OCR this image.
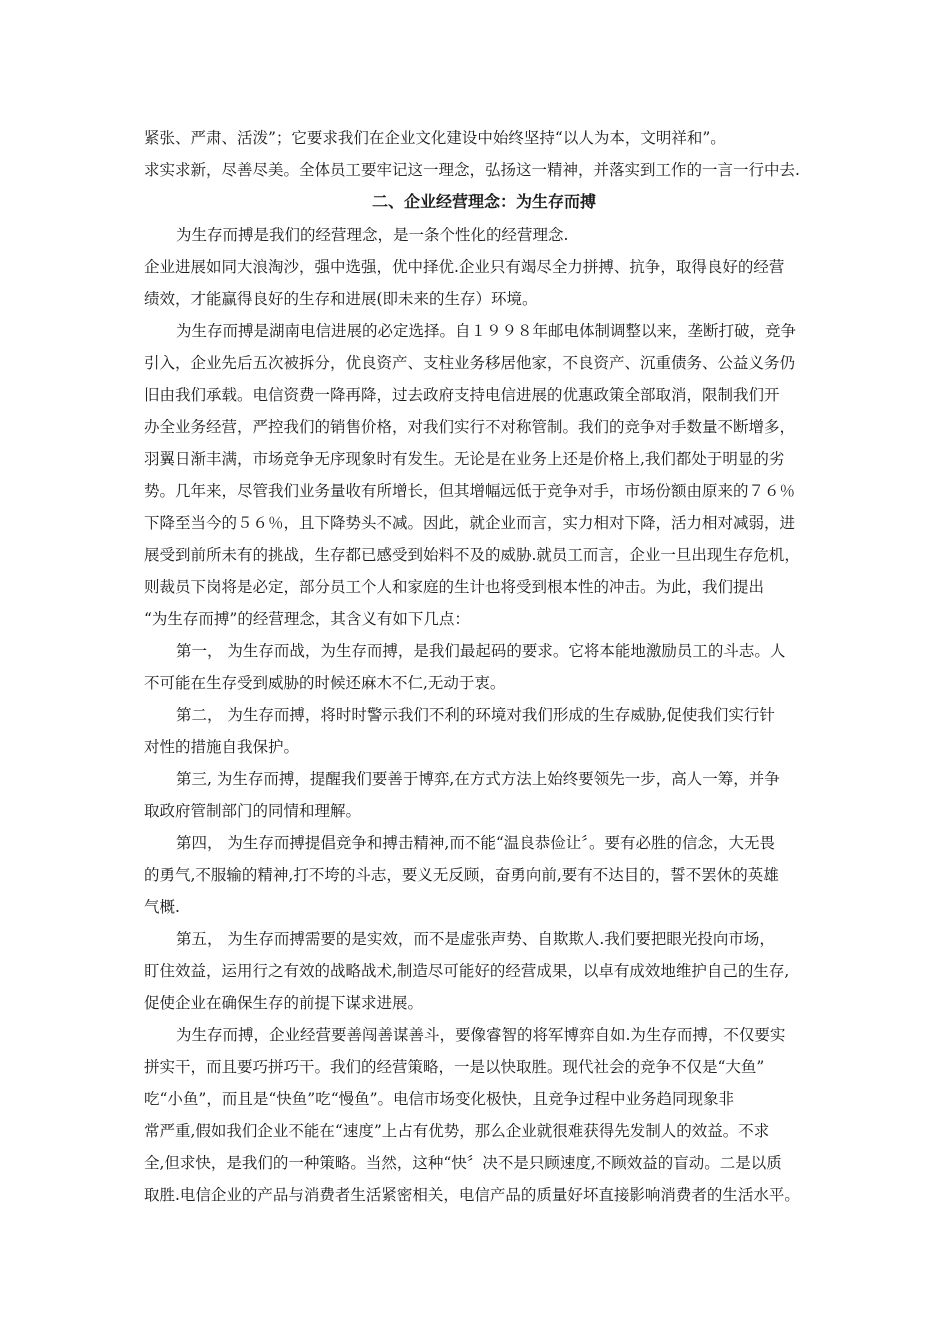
紧张、严肃、活泼”；它要求我们在企业文化建设中始终坚持“以人为本，文明祥和”。
求实求新，尽善尽美。全体员工要牢记这一理念，弘扬这一精神，并落实到工作的一言一行中去.
二、企业经营理念：为生存而搏
为生存而搏是我们的经营理念，是一条个性化的经营理念.
企业进展如同大浪淘沙，强中选强，优中择优.企业只有竭尽全力拼搏、抗争，取得良好的经营
绩效，才能赢得良好的生存和进展(即未来的生存）环境。
为生存而搏是湖南电信进展的必定选择。自１９９８年邮电体制调整以来，垄断打破，竞争
引入，企业先后五次被拆分，优良资产、支柱业务移居他家，不良资产、沉重债务、公益义务仍
旧由我们承载。电信资费一降再降，过去政府支持电信进展的优惠政策全部取消，限制我们开
办全业务经营，严控我们的销售价格，对我们实行不对称管制。我们的竞争对手数量不断增多，
羽翼日渐丰满，市场竞争无序现象时有发生。无论是在业务上还是价格上,我们都处于明显的劣
势。几年来，尽管我们业务量收有所增长，但其增幅远低于竞争对手，市场份额由原来的７６％
下降至当今的５６％，且下降势头不减。因此，就企业而言，实力相对下降，活力相对减弱，进
展受到前所未有的挑战，生存都已感受到始料不及的威胁.就员工而言，企业一旦出现生存危机，
则裁员下岗将是必定，部分员工个人和家庭的生计也将受到根本性的冲击。为此，我们提出
“为生存而搏”的经营理念，其含义有如下几点：
第一， 为生存而战，为生存而搏，是我们最起码的要求。它将本能地激励员工的斗志。人
不可能在生存受到威胁的时候还麻木不仁,无动于衷。
第二， 为生存而搏，将时时警示我们不利的环境对我们形成的生存威胁,促使我们实行针
对性的措施自我保护。
第三, 为生存而搏，提醒我们要善于博弈,在方式方法上始终要领先一步，高人一筹，并争
取政府管制部门的同情和理解。
第四， 为生存而搏提倡竞争和搏击精神,而不能“温良恭俭让〞。要有必胜的信念，大无畏
的勇气,不服输的精神,打不垮的斗志，要义无反顾，奋勇向前,要有不达目的，誓不罢休的英雄
气概.
第五， 为生存而搏需要的是实效，而不是虚张声势、自欺欺人.我们要把眼光投向市场，
盯住效益，运用行之有效的战略战术,制造尽可能好的经营成果，以卓有成效地维护自己的生存,
促使企业在确保生存的前提下谋求进展。
为生存而搏，企业经营要善闯善谋善斗，要像睿智的将军博弈自如.为生存而搏，不仅要实
拼实干，而且要巧拼巧干。我们的经营策略，一是以快取胜。现代社会的竞争不仅是“大鱼”
吃“小鱼”，而且是“快鱼”吃“慢鱼”。电信市场变化极快，且竞争过程中业务趋同现象非
常严重,假如我们企业不能在“速度”上占有优势，那么企业就很难获得先发制人的效益。不求
全,但求快，是我们的一种策略。当然，这种“快〞决不是只顾速度,不顾效益的盲动。二是以质
取胜.电信企业的产品与消费者生活紧密相关，电信产品的质量好坏直接影响消费者的生活水平。
